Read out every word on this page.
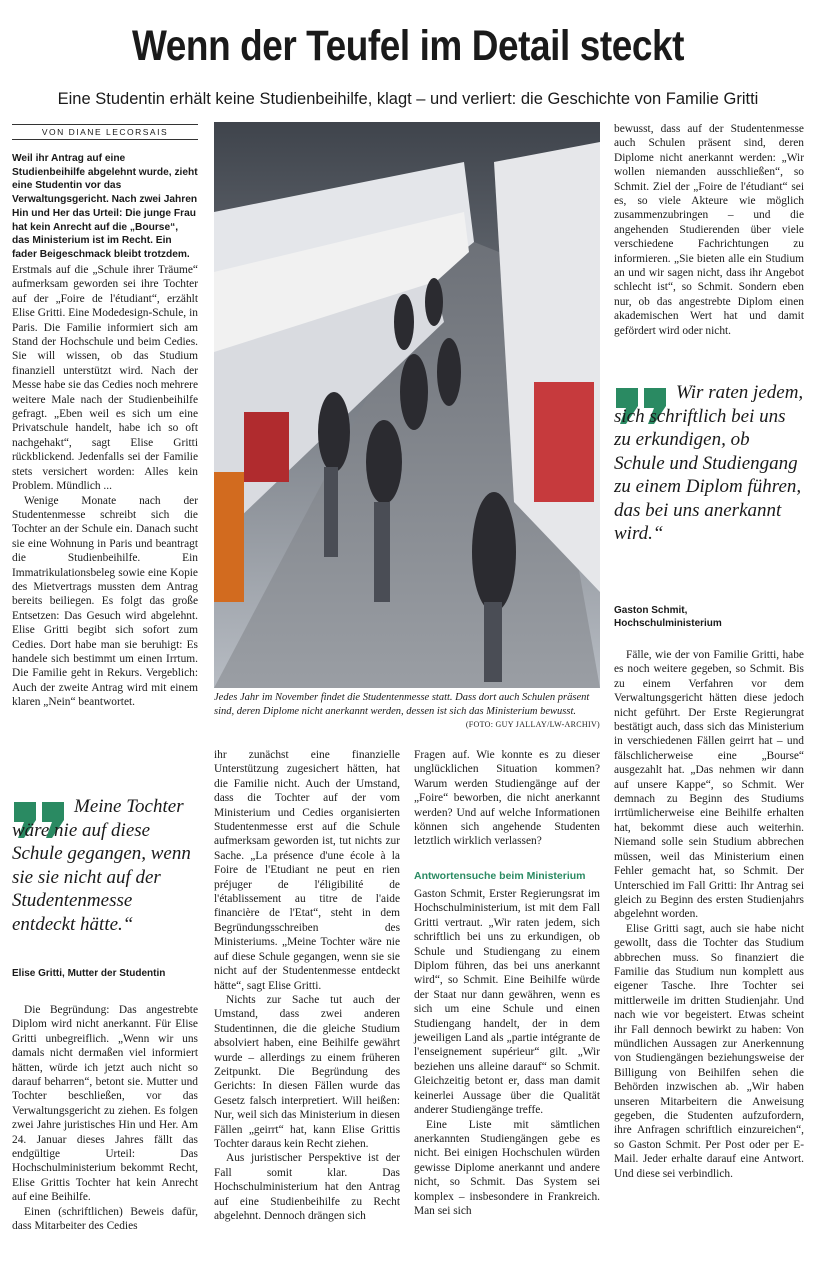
Wenn der Teufel im Detail steckt

Eine Studentin erhält keine Studienbeihilfe, klagt – und verliert: die Geschichte von Familie Gritti

VON DIANE LECORSAIS

Weil ihr Antrag auf eine Studienbeihilfe abgelehnt wurde, zieht eine Studentin vor das Verwaltungsgericht. Nach zwei Jahren Hin und Her das Urteil: Die junge Frau hat kein Anrecht auf die „Bourse“, das Ministerium ist im Recht. Ein fader Beigeschmack bleibt trotzdem.

Erstmals auf die „Schule ihrer Träume“ aufmerksam geworden sei ihre Tochter auf der „Foire de l'étudiant“, erzählt Elise Gritti. Eine Modedesign-Schule, in Paris. Die Familie informiert sich am Stand der Hochschule und beim Cedies. Sie will wissen, ob das Studium finanziell unterstützt wird. Nach der Messe habe sie das Cedies noch mehrere weitere Male nach der Studienbeihilfe gefragt. „Eben weil es sich um eine Privatschule handelt, habe ich so oft nachgehakt“, sagt Elise Gritti rückblickend. Jedenfalls sei der Familie stets versichert worden: Alles kein Problem. Mündlich ...

Wenige Monate nach der Studentenmesse schreibt sich die Tochter an der Schule ein. Danach sucht sie eine Wohnung in Paris und beantragt die Studienbeihilfe. Ein Immatrikulationsbeleg sowie eine Kopie des Mietvertrags mussten dem Antrag bereits beiliegen. Es folgt das große Entsetzen: Das Gesuch wird abgelehnt. Elise Gritti begibt sich sofort zum Cedies. Dort habe man sie beruhigt: Es handele sich bestimmt um einen Irrtum. Die Familie geht in Rekurs. Vergeblich: Auch der zweite Antrag wird mit einem klaren „Nein“ beantwortet.

Meine Tochter wäre nie auf diese Schule gegangen, wenn sie sie nicht auf der Studentenmesse entdeckt hätte.“
Elise Gritti, Mutter der Studentin

Die Begründung: Das angestrebte Diplom wird nicht anerkannt. Für Elise Gritti unbegreiflich. „Wenn wir uns damals nicht dermaßen viel informiert hätten, würde ich jetzt auch nicht so darauf beharren“, betont sie. Mutter und Tochter beschließen, vor das Verwaltungsgericht zu ziehen. Es folgen zwei Jahre juristisches Hin und Her. Am 24. Januar dieses Jahres fällt das endgültige Urteil: Das Hochschulministerium bekommt Recht, Elise Grittis Tochter hat kein Anrecht auf eine Beihilfe.

Einen (schriftlichen) Beweis dafür, dass Mitarbeiter des Cedies

Jedes Jahr im November findet die Studentenmesse statt. Dass dort auch Schulen präsent sind, deren Diplome nicht anerkannt werden, dessen ist sich das Ministerium bewusst.
(FOTO: GUY JALLAY/LW-ARCHIV)

ihr zunächst eine finanzielle Unterstützung zugesichert hätten, hat die Familie nicht. Auch der Umstand, dass die Tochter auf der vom Ministerium und Cedies organisierten Studentenmesse erst auf die Schule aufmerksam geworden ist, tut nichts zur Sache. „La présence d'une école à la Foire de l'Etudiant ne peut en rien préjuger de l'éligibilité de l'établissement au titre de l'aide financière de l'Etat“, steht in dem Begründungsschreiben des Ministeriums. „Meine Tochter wäre nie auf diese Schule gegangen, wenn sie sie nicht auf der Studentenmesse entdeckt hätte“, sagt Elise Gritti.

Nichts zur Sache tut auch der Umstand, dass zwei anderen Studentinnen, die die gleiche Studium absolviert haben, eine Beihilfe gewährt wurde – allerdings zu einem früheren Zeitpunkt. Die Begründung des Gerichts: In diesen Fällen wurde das Gesetz falsch interpretiert. Will heißen: Nur, weil sich das Ministerium in diesen Fällen „geirrt“ hat, kann Elise Grittis Tochter daraus kein Recht ziehen.

Aus juristischer Perspektive ist der Fall somit klar. Das Hochschulministerium hat den Antrag auf eine Studienbeihilfe zu Recht abgelehnt. Dennoch drängen sich

Fragen auf. Wie konnte es zu dieser unglücklichen Situation kommen? Warum werden Studiengänge auf der „Foire“ beworben, die nicht anerkannt werden? Und auf welche Informationen können sich angehende Studenten letztlich wirklich verlassen?

Antwortensuche beim Ministerium

Gaston Schmit, Erster Regierungsrat im Hochschulministerium, ist mit dem Fall Gritti vertraut. „Wir raten jedem, sich schriftlich bei uns zu erkundigen, ob Schule und Studiengang zu einem Diplom führen, das bei uns anerkannt wird“, so Schmit. Eine Beihilfe würde der Staat nur dann gewähren, wenn es sich um eine Schule und einen Studiengang handelt, der in dem jeweiligen Land als „partie intégrante de l'enseignement supérieur“ gilt. „Wir beziehen uns alleine darauf“ so Schmit. Gleichzeitig betont er, dass man damit keinerlei Aussage über die Qualität anderer Studiengänge treffe.

Eine Liste mit sämtlichen anerkannten Studiengängen gebe es nicht. Bei einigen Hochschulen würden gewisse Diplome anerkannt und andere nicht, so Schmit. Das System sei komplex – insbesondere in Frankreich. Man sei sich

bewusst, dass auf der Studentenmesse auch Schulen präsent sind, deren Diplome nicht anerkannt werden: „Wir wollen niemanden ausschließen“, so Schmit. Ziel der „Foire de l'étudiant“ sei es, so viele Akteure wie möglich zusammenzubringen – und die angehenden Studierenden über viele verschiedene Fachrichtungen zu informieren. „Sie bieten alle ein Studium an und wir sagen nicht, dass ihr Angebot schlecht ist“, so Schmit. Sondern eben nur, ob das angestrebte Diplom einen akademischen Wert hat und damit gefördert wird oder nicht.

Wir raten jedem, sich schriftlich bei uns zu erkundigen, ob Schule und Studiengang zu einem Diplom führen, das bei uns anerkannt wird.“
Gaston Schmit,
Hochschulministerium

Fälle, wie der von Familie Gritti, habe es noch weitere gegeben, so Schmit. Bis zu einem Verfahren vor dem Verwaltungsgericht hätten diese jedoch nicht geführt. Der Erste Regierungrat bestätigt auch, dass sich das Ministerium in verschiedenen Fällen geirrt hat – und fälschlicherweise eine „Bourse“ ausgezahlt hat. „Das nehmen wir dann auf unsere Kappe“, so Schmit. Wer demnach zu Beginn des Studiums irrtümlicherweise eine Beihilfe erhalten hat, bekommt diese auch weiterhin. Niemand solle sein Studium abbrechen müssen, weil das Ministerium einen Fehler gemacht hat, so Schmit. Der Unterschied im Fall Gritti: Ihr Antrag sei gleich zu Beginn des ersten Studienjahrs abgelehnt worden.

Elise Gritti sagt, auch sie habe nicht gewollt, dass die Tochter das Studium abbrechen muss. So finanziert die Familie das Studium nun komplett aus eigener Tasche. Ihre Tochter sei mittlerweile im dritten Studienjahr. Und nach wie vor begeistert. Etwas scheint ihr Fall dennoch bewirkt zu haben: Von mündlichen Aussagen zur Anerkennung von Studiengängen beziehungsweise der Billigung von Beihilfen sehen die Behörden inzwischen ab. „Wir haben unseren Mitarbeitern die Anweisung gegeben, die Studenten aufzufordern, ihre Anfragen schriftlich einzureichen“, so Gaston Schmit. Per Post oder per E-Mail. Jeder erhalte darauf eine Antwort. Und diese sei verbindlich.
